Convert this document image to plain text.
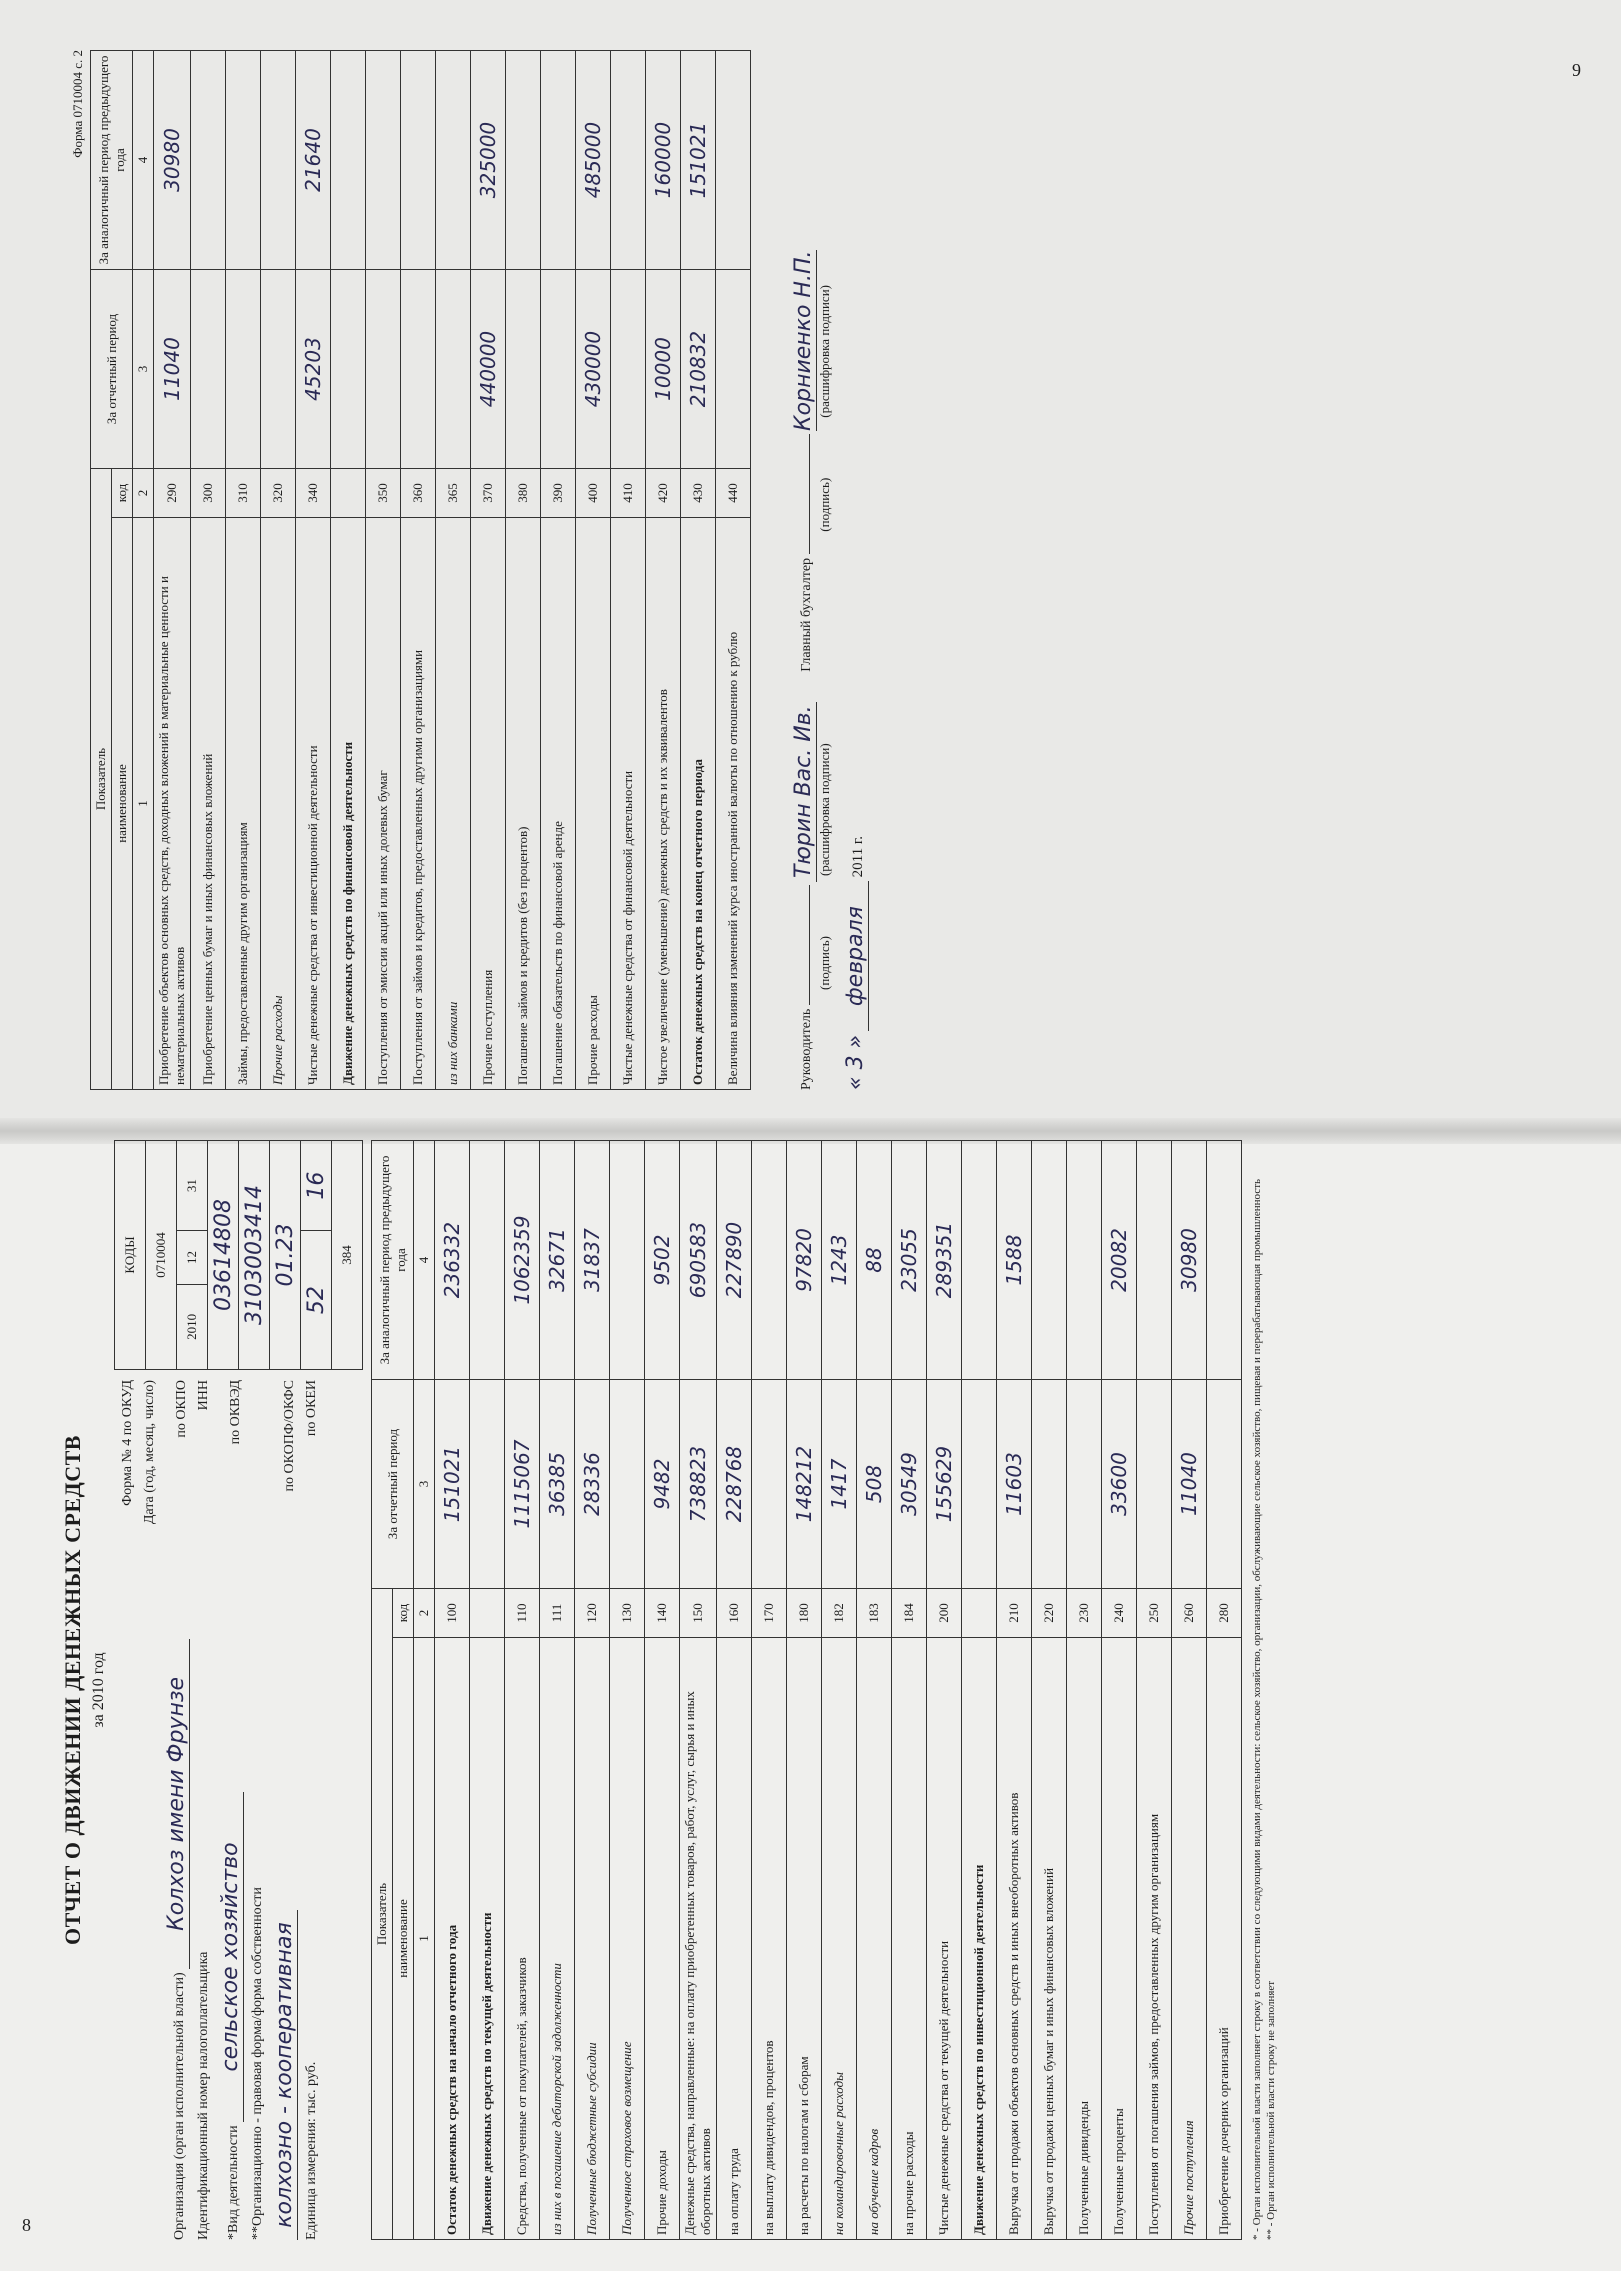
ОТЧЕТ О ДВИЖЕНИИ ДЕНЕЖНЫХ СРЕДСТВ за 2010 год
Форма № 4 по ОКУД Дата (год, месяц, число)
Организация (орган исполнительной власти) Колхоз имени Фрунзе
по ОКПО
Идентификационный номер налогоплательщика
ИНН
*Вид деятельности сельское хозяйство
по ОКВЭД
**Организационно - правовая форма/форма собственности колхозно - кооперативная
по ОКОПФ/ОКФС
Единица измерения: тыс. руб.
по ОКЕИ
КОДЫ		
0710004		
2010	12	31
03614808		
3103003414		
01.23		
52		16
384		
Показатель		За отчетный период	За аналогичный период предыдущего года
наименование	код		
1	2	3	4
Остаток денежных средств на начало отчетного года	100	151021	236332
Движение денежных средств по текущей деятельности			
Средства, полученные от покупателей, заказчиков	110	1115067	1062359
из них в погашение дебиторской задолженности	111	36385	32671
Полученные бюджетные субсидии	120	28336	31837
Полученное страховое возмещение	130		
Прочие доходы	140	9482	9502
Денежные средства, направленные: на оплату приобретенных товаров, работ, услуг, сырья и иных оборотных активов	150	738823	690583
на оплату труда	160	228768	227890
на выплату дивидендов, процентов	170		
на расчеты по налогам и сборам	180	148212	97820
на командировочные расходы	182	1417	1243
на обучение кадров	183	508	88
на прочие расходы	184	30549	23055
Чистые денежные средства от текущей деятельности	200	155629	289351
Движение денежных средств по инвестиционной деятельности			
Выручка от продажи объектов основных средств и иных внеоборотных активов	210	11603	1588
Выручка от продажи ценных бумаг и иных финансовых вложений	220		
Полученные дивиденды	230		
Полученные проценты	240	33600	20082
Поступления от погашения займов, предоставленных другим организациям	250		
Прочие поступления	260	11040	30980
Приобретение дочерних организаций	280		* - Орган исполнительной власти заполняет строку в соответствии со следующими видами деятельности: сельское хозяйство, организации, обслуживающие сельское хозяйство, пищевая и перерабатывающая промышленность ** - Орган исполнительной власти строку не заполняет
8
Форма 0710004 с. 2
Показатель		За отчетный период	За аналогичный период предыдущего года
наименование	код		
1	2	3	4
Приобретение объектов основных средств, доходных вложений в материальные ценности и нематериальных активов	290	11040	30980
Приобретение ценных бумаг и иных финансовых вложений	300		
Займы, предоставленные другим организациям	310		
Прочие расходы	320		
Чистые денежные средства от инвестиционной деятельности	340	45203	21640
Движение денежных средств по финансовой деятельности			
Поступления от эмиссии акций или иных долевых бумаг	350		
Поступления от займов и кредитов, предоставленных другими организациями	360		
из них банками	365		
Прочие поступления	370	440000	325000
Погашение займов и кредитов (без процентов)	380		
Погашение обязательств по финансовой аренде	390		
Прочие расходы	400	430000	485000
Чистые денежные средства от финансовой деятельности	410		
Чистое увеличение (уменьшение) денежных средств и их эквивалентов	420	10000	160000
Остаток денежных средств на конец отчетного периода	430	210832	151021
Величина влияния изменений курса иностранной валюты по отношению к рублю	440		
Руководитель  Тюрин Вас. Ив.
(подпись)
(расшифровка подписи)
Главный бухгалтер  Корниенко Н.П.
(подпись)
(расшифровка подписи)
« 3 » февраля 2011 г.
9
